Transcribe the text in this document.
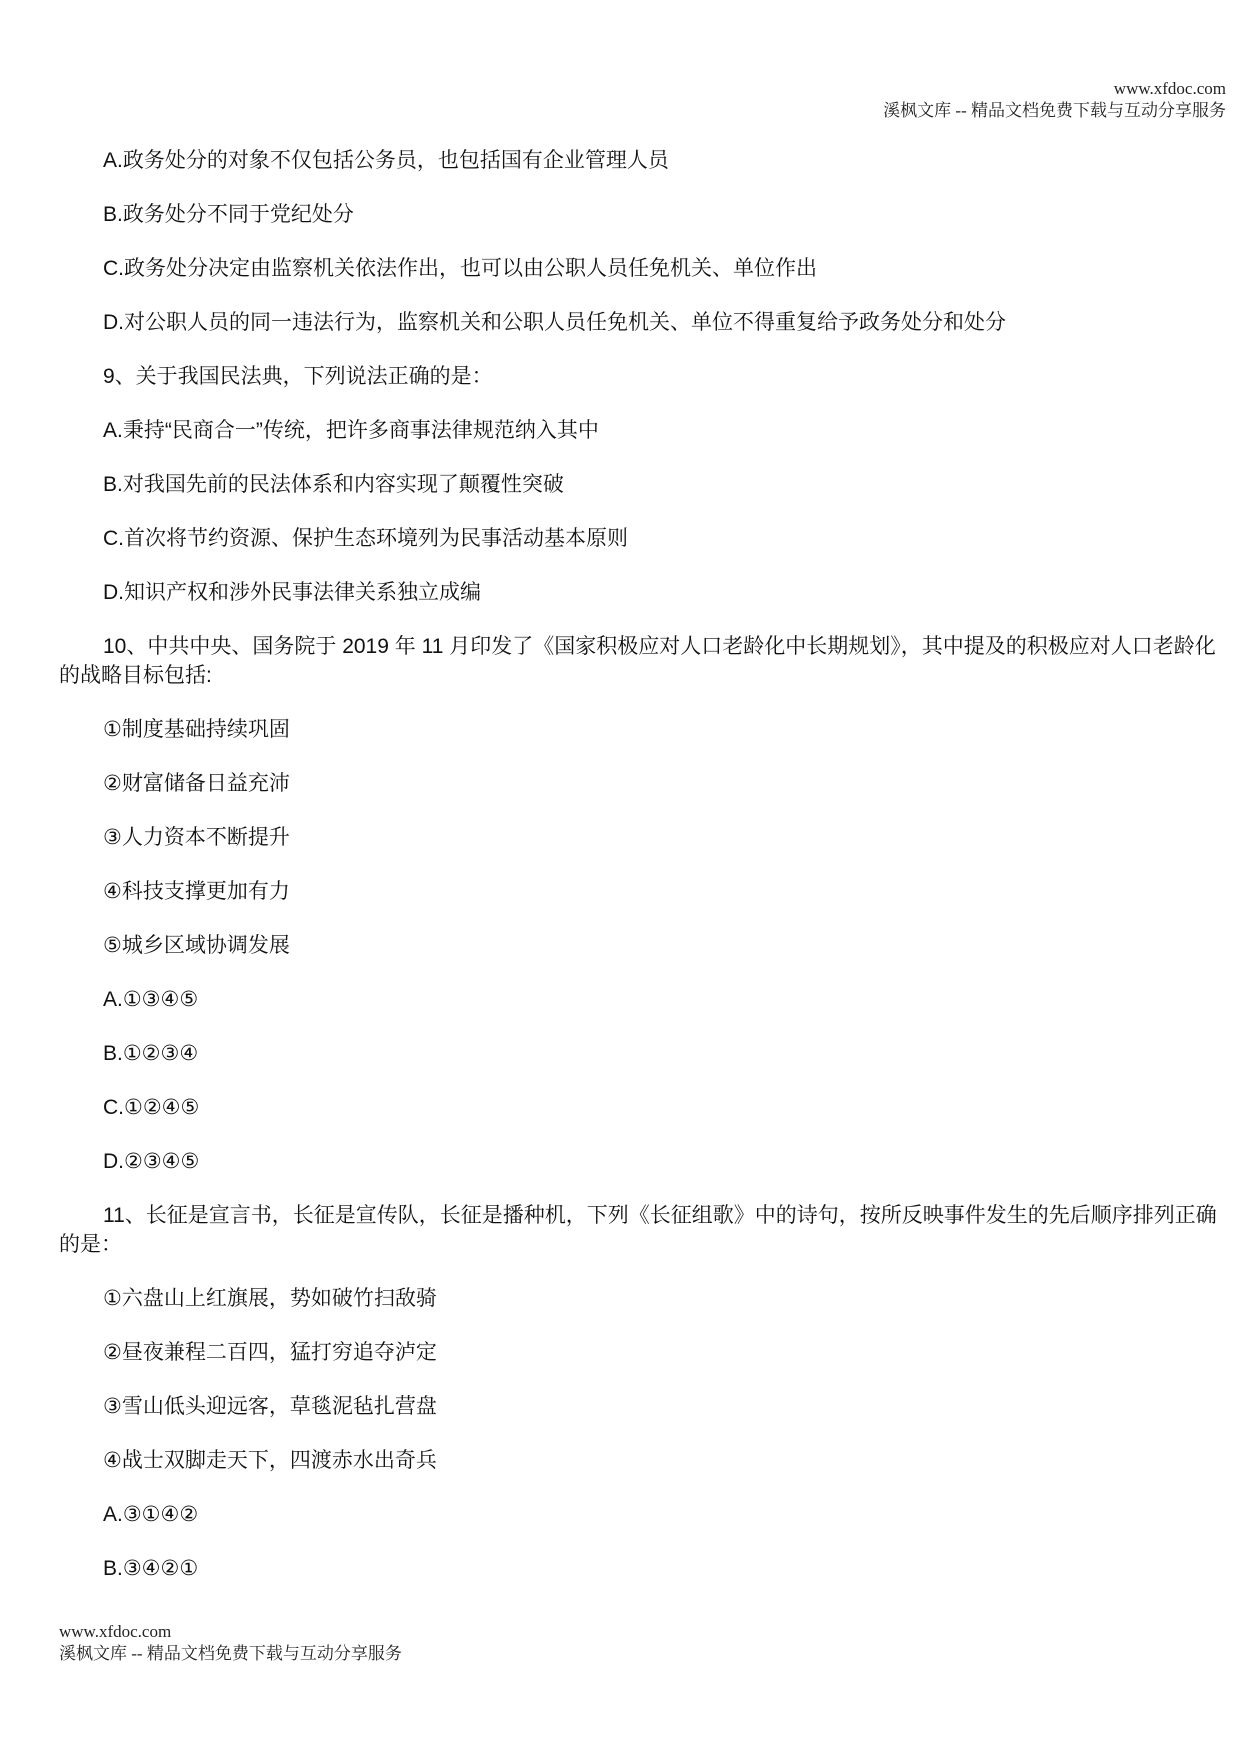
www.xfdoc.com
溪枫文库 -- 精品文档免费下载与互动分享服务

A.政务处分的对象不仅包括公务员，也包括国有企业管理人员

B.政务处分不同于党纪处分

C.政务处分决定由监察机关依法作出，也可以由公职人员任免机关、单位作出

D.对公职人员的同一违法行为，监察机关和公职人员任免机关、单位不得重复给予政务处分和处分

9、关于我国民法典，下列说法正确的是：

A.秉持“民商合一”传统，把许多商事法律规范纳入其中

B.对我国先前的民法体系和内容实现了颠覆性突破

C.首次将节约资源、保护生态环境列为民事活动基本原则

D.知识产权和涉外民事法律关系独立成编

10、中共中央、国务院于 2019 年 11 月印发了《国家积极应对人口老龄化中长期规划》，其中提及的积极应对人口老龄化的战略目标包括:

①制度基础持续巩固

②财富储备日益充沛

③人力资本不断提升

④科技支撑更加有力

⑤城乡区域协调发展

A.①③④⑤

B.①②③④

C.①②④⑤

D.②③④⑤

11、长征是宣言书，长征是宣传队，长征是播种机，下列《长征组歌》中的诗句，按所反映事件发生的先后顺序排列正确的是：

①六盘山上红旗展，势如破竹扫敌骑

②昼夜兼程二百四，猛打穷追夺泸定

③雪山低头迎远客，草毯泥毡扎营盘

④战士双脚走天下，四渡赤水出奇兵

A.③①④②

B.③④②①

www.xfdoc.com
溪枫文库 -- 精品文档免费下载与互动分享服务
